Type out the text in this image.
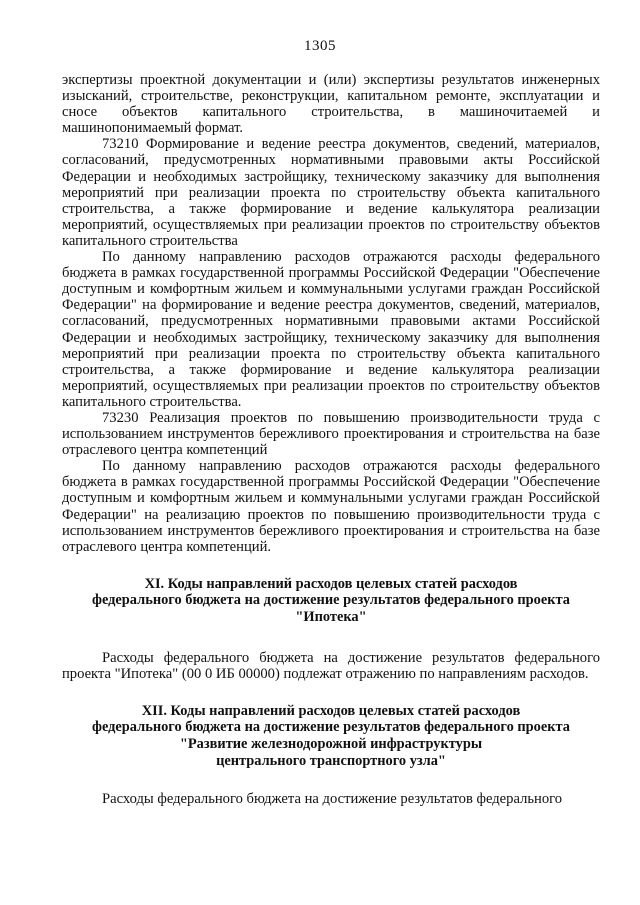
1305

экспертизы проектной документации и (или) экспертизы результатов инженерных изысканий, строительстве, реконструкции, капитальном ремонте, эксплуатации и сносе объектов капитального строительства, в машиночитаемей и машинопонимаемый формат.

73210 Формирование и ведение реестра документов, сведений, материалов, согласований, предусмотренных нормативными правовыми акты Российской Федерации и необходимых застройщику, техническому заказчику для выполнения мероприятий при реализации проекта по строительству объекта капитального строительства, а также формирование и ведение калькулятора реализации мероприятий, осуществляемых при реализации проектов по строительству объектов капитального строительства

По данному направлению расходов отражаются расходы федерального бюджета в рамках государственной программы Российской Федерации "Обеспечение доступным и комфортным жильем и коммунальными услугами граждан Российской Федерации" на формирование и ведение реестра документов, сведений, материалов, согласований, предусмотренных нормативными правовыми актами Российской Федерации и необходимых застройщику, техническому заказчику для выполнения мероприятий при реализации проекта по строительству объекта капитального строительства, а также формирование и ведение калькулятора реализации мероприятий, осуществляемых при реализации проектов по строительству объектов капитального строительства.

73230 Реализация проектов по повышению производительности труда с использованием инструментов бережливого проектирования и строительства на базе отраслевого центра компетенций

По данному направлению расходов отражаются расходы федерального бюджета в рамках государственной программы Российской Федерации "Обеспечение доступным и комфортным жильем и коммунальными услугами граждан Российской Федерации" на реализацию проектов по повышению производительности труда с использованием инструментов бережливого проектирования и строительства на базе отраслевого центра компетенций.

XI. Коды направлений расходов целевых статей расходов
федерального бюджета на достижение результатов федерального проекта
"Ипотека"

Расходы федерального бюджета на достижение результатов федерального проекта "Ипотека" (00 0 ИБ 00000) подлежат отражению по направлениям расходов.

XII. Коды направлений расходов целевых статей расходов
федерального бюджета на достижение результатов федерального проекта
"Развитие железнодорожной инфраструктуры
центрального транспортного узла"

Расходы федерального бюджета на достижение результатов федерального
